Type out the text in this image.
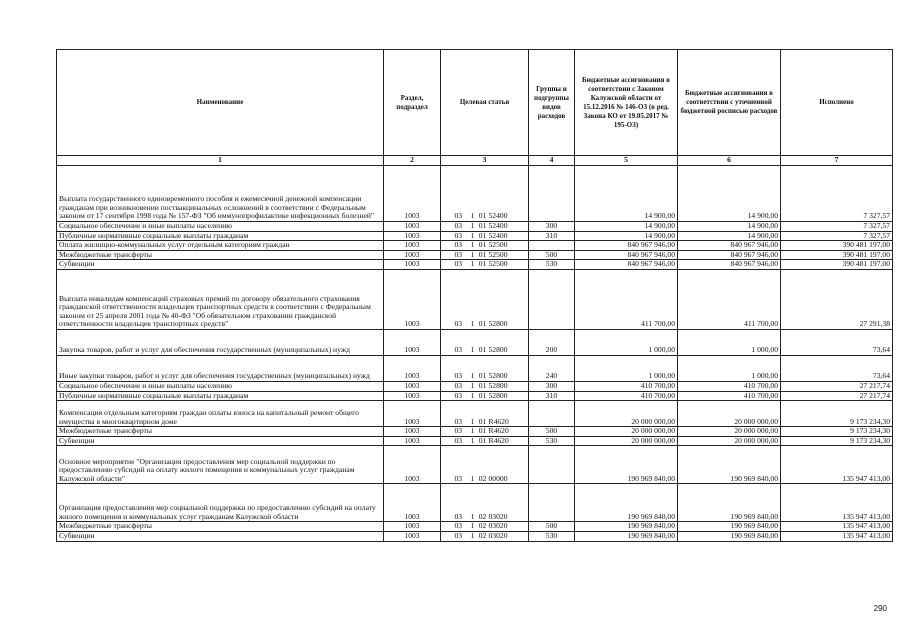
Наименование	Раздел, подраздел	Целевая статья	Группы и подгруппы видов расходов	Бюджетные ассигнования в соответствии с Законом Калужской области от 15.12.2016 № 146-ОЗ (в ред. Закона КО от 19.05.2017 № 195-ОЗ)	Бюджетные ассигнования в соответствии с уточненной бюджетной росписью расходов	Исполнено
1	2	3	4	5	6	7
Выплата государственного единовременного пособия и ежемесячной денежной компенсации гражданам при возникновении поствакцинальных осложнений в соответствии с Федеральным законом от 17 сентября 1998 года № 157-ФЗ "Об иммунопрофилактике инфекционных болезней"	1003	03 1 01 52400		14 900,00	14 900,00	7 327,57
Социальное обеспечение и иные выплаты населению	1003	03 1 01 52400	300	14 900,00	14 900,00	7 327,57
Публичные нормативные социальные выплаты гражданам	1003	03 1 01 52400	310	14 900,00	14 900,00	7 327,57
Оплата жилищно-коммунальных услуг отдельным категориям граждан	1003	03 1 01 52500		840 967 946,00	840 967 946,00	390 481 197,00
Межбюджетные трансферты	1003	03 1 01 52500	500	840 967 946,00	840 967 946,00	390 481 197,00
Субвенции	1003	03 1 01 52500	530	840 967 946,00	840 967 946,00	390 481 197,00
Выплата инвалидам компенсаций страховых премий по договору обязательного страхования гражданской ответственности владельцев транспортных средств в соответствии с Федеральным законом от 25 апреля 2001 года № 40-ФЗ "Об обязательном страховании гражданской ответственности владельцев транспортных средств"	1003	03 1 01 52800		411 700,00	411 700,00	27 291,38
Закупка товаров, работ и услуг для обеспечения государственных (муниципальных) нужд	1003	03 1 01 52800	200	1 000,00	1 000,00	73,64
Иные закупки товаров, работ и услуг для обеспечения государственных (муниципальных) нужд	1003	03 1 01 52800	240	1 000,00	1 000,00	73,64
Социальное обеспечение и иные выплаты населению	1003	03 1 01 52800	300	410 700,00	410 700,00	27 217,74
Публичные нормативные социальные выплаты гражданам	1003	03 1 01 52800	310	410 700,00	410 700,00	27 217,74
Компенсация отдельным категориям граждан оплаты взноса на капитальный ремонт общего имущества в многоквартирном доме	1003	03 1 01 R4620		20 000 000,00	20 000 000,00	9 173 234,30
Межбюджетные трансферты	1003	03 1 01 R4620	500	20 000 000,00	20 000 000,00	9 173 234,30
Субвенции	1003	03 1 01 R4620	530	20 000 000,00	20 000 000,00	9 173 234,30
Основное мероприятие "Организация предоставления мер социальной поддержки по предоставлению субсидий на оплату жилого помещения и коммунальных услуг гражданам Калужской области"	1003	03 1 02 00000		190 969 840,00	190 969 840,00	135 947 413,00
Организация предоставления мер социальной поддержки по предоставлению субсидий на оплату жилого помещения и коммунальных услуг гражданам Калужской области	1003	03 1 02 03020		190 969 840,00	190 969 840,00	135 947 413,00
Межбюджетные трансферты	1003	03 1 02 03020	500	190 969 840,00	190 969 840,00	135 947 413,00
Субвенции	1003	03 1 02 03020	530	190 969 840,00	190 969 840,00	135 947 413,00
290
